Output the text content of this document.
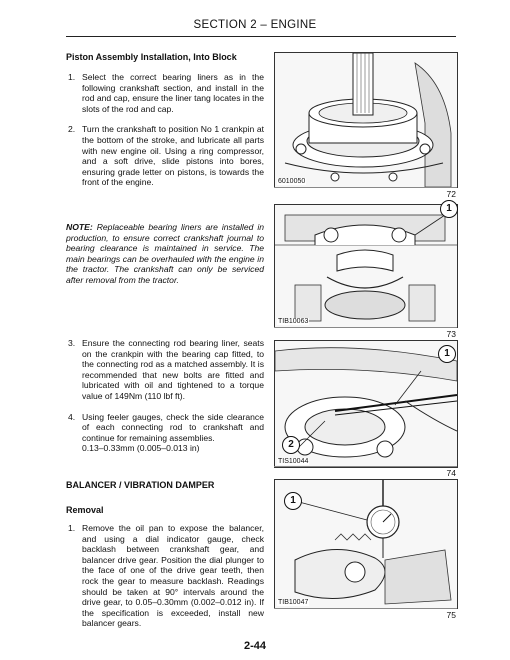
SECTION 2 – ENGINE
Piston Assembly Installation, Into Block
1. Select the correct bearing liners as in the following crankshaft section, and install in the rod and cap, ensure the liner tang locates in the slots of the rod and cap.
2. Turn the crankshaft to position No 1 crankpin at the bottom of the stroke, and lubricate all parts with new engine oil. Using a ring compressor, and a soft drive, slide pistons into bores, ensuring grade letter on pistons, is towards the front of the engine.
NOTE: Replaceable bearing liners are installed in production, to ensure correct crankshaft journal to bearing clearance is maintained in service. The main bearings can be overhauled with the engine in the tractor. The crankshaft can only be serviced after removal from the tractor.
3. Ensure the connecting rod bearing liner, seats on the crankpin with the bearing cap fitted, to the connecting rod as a matched assembly. It is recommended that new bolts are fitted and lubricated with oil and tightened to a torque value of 149Nm (110 lbf ft).
4. Using feeler gauges, check the side clearance of each connecting rod to crankshaft and continue for remaining assemblies.
0.13–0.33mm (0.005–0.013 in)
BALANCER / VIBRATION DAMPER
Removal
1. Remove the oil pan to expose the balancer, and using a dial indicator gauge, check backlash between crankshaft gear, and balancer drive gear. Position the dial plunger to the face of one of the drive gear teeth, then rock the gear to measure backlash. Readings should be taken at 90° intervals around the drive gear, to 0.05–0.30mm (0.002–0.012 in). If the specification is exceeded, install new balancer gears.
6010050
72
TIB10063
1
73
TIS10044
1
2
74
TIB10047
1
75
2-44
